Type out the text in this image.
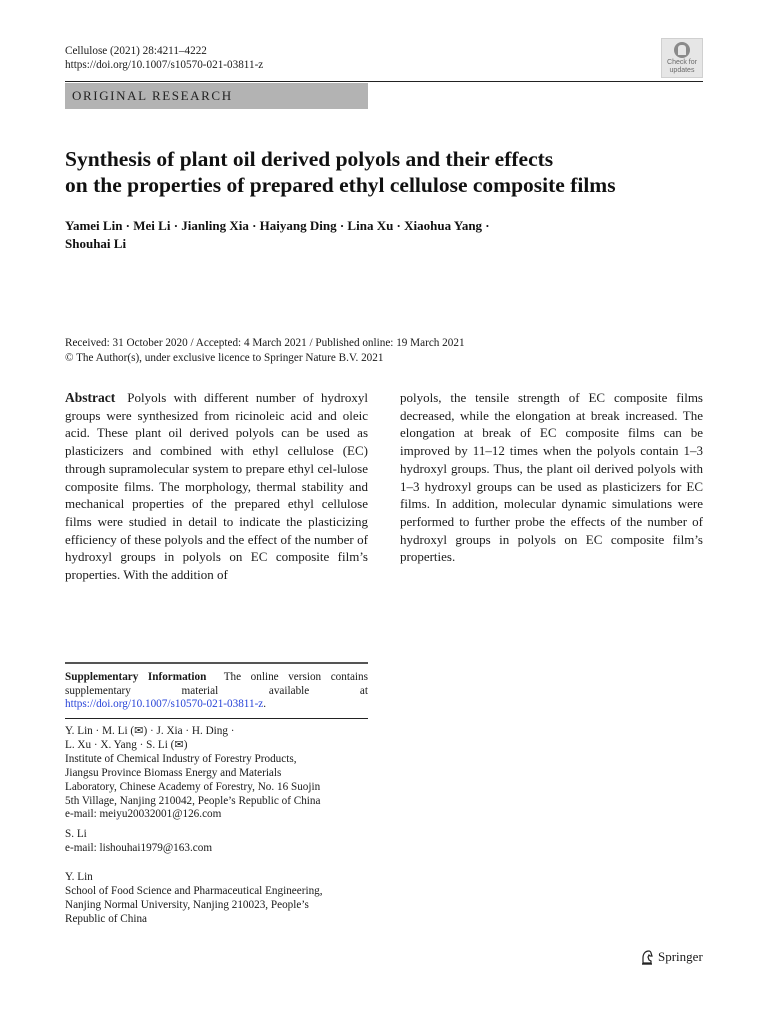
Cellulose (2021) 28:4211–4222
https://doi.org/10.1007/s10570-021-03811-z	Check for
updates
ORIGINAL RESEARCH
Synthesis of plant oil derived polyols and their effects
on the properties of prepared ethyl cellulose composite films
Yamei Lin · Mei Li · Jianling Xia · Haiyang Ding · Lina Xu · Xiaohua Yang ·
Shouhai Li
Received: 31 October 2020 / Accepted: 4 March 2021 / Published online: 19 March 2021
© The Author(s), under exclusive licence to Springer Nature B.V. 2021
Abstract Polyols with different number of hydroxyl groups were synthesized from ricinoleic acid and oleic acid. These plant oil derived polyols can be used as plasticizers and combined with ethyl cellulose (EC) through supramolecular system to prepare ethyl cel-lulose composite films. The morphology, thermal stability and mechanical properties of the prepared ethyl cellulose films were studied in detail to indicate the plasticizing efficiency of these polyols and the effect of the number of hydroxyl groups in polyols on EC composite film’s properties. With the addition of
polyols, the tensile strength of EC composite films decreased, while the elongation at break increased. The elongation at break of EC composite films can be improved by 11–12 times when the polyols contain 1–3 hydroxyl groups. Thus, the plant oil derived polyols with 1–3 hydroxyl groups can be used as plasticizers for EC films. In addition, molecular dynamic simulations were performed to further probe the effects of the number of hydroxyl groups in polyols on EC composite film’s properties.
Supplementary Information The online version contains supplementary material available at https://doi.org/10.1007/s10570-021-03811-z.
Y. Lin · M. Li (✉) · J. Xia · H. Ding ·
L. Xu · X. Yang · S. Li (✉)
Institute of Chemical Industry of Forestry Products,
Jiangsu Province Biomass Energy and Materials
Laboratory, Chinese Academy of Forestry, No. 16 Suojin
5th Village, Nanjing 210042, People’s Republic of China
e-mail: meiyu20032001@126.com
S. Li
e-mail: lishouhai1979@163.com
Y. Lin
School of Food Science and Pharmaceutical Engineering,
Nanjing Normal University, Nanjing 210023, People’s
Republic of China
Springer
